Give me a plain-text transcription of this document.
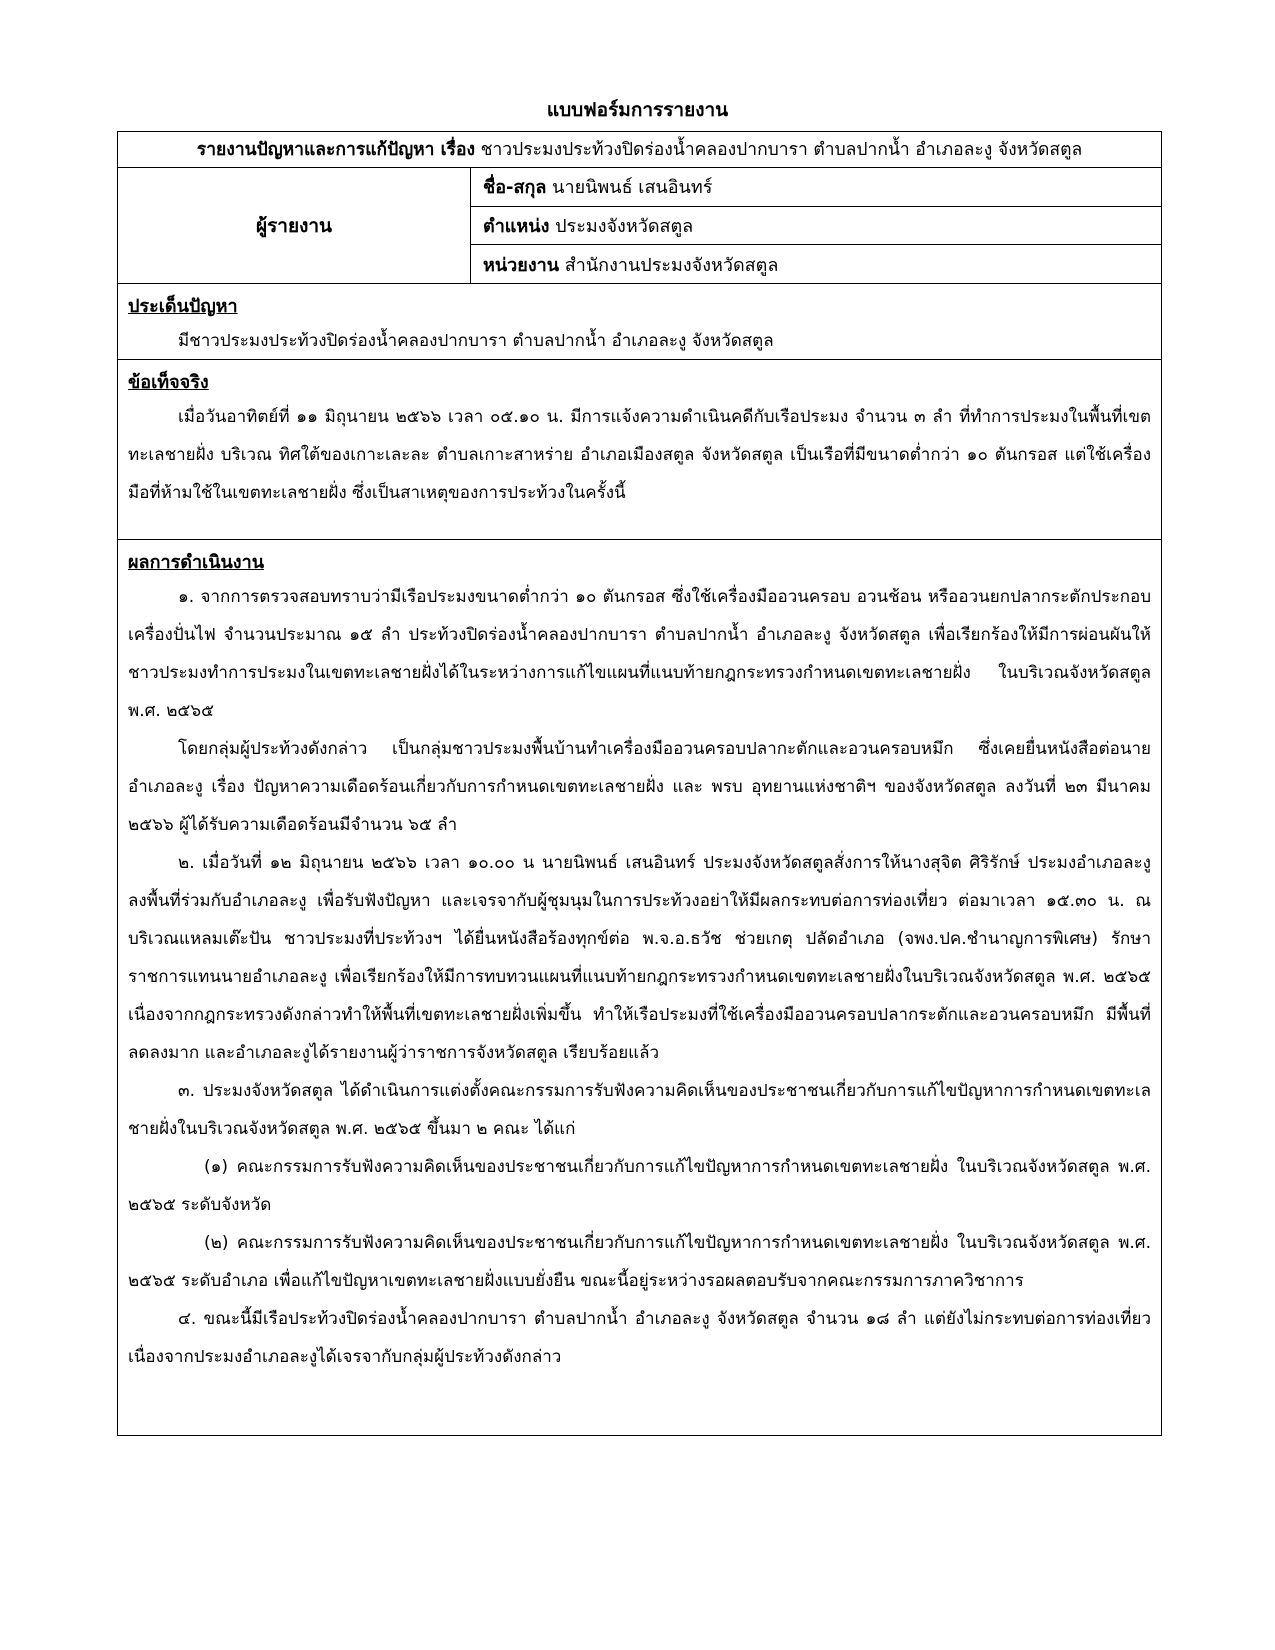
แบบฟอร์มการรายงาน
รายงานปัญหาและการแก้ปัญหา เรื่อง ชาวประมงประท้วงปิดร่องน้ำคลองปากบารา ตำบลปากน้ำ อำเภอละงู จังหวัดสตูล
ผู้รายงาน
ชื่อ-สกุล
นายนิพนธ์ เสนอินทร์
ตำแหน่ง
ประมงจังหวัดสตูล
หน่วยงาน
สำนักงานประมงจังหวัดสตูล
ประเด็นปัญหา

มีชาวประมงประท้วงปิดร่องน้ำคลองปากบารา ตำบลปากน้ำ อำเภอละงู จังหวัดสตูล

ข้อเท็จจริง

เมื่อวันอาทิตย์ที่ ๑๑ มิถุนายน ๒๕๖๖ เวลา ๐๕.๑๐ น. มีการแจ้งความดำเนินคดีกับเรือประมง จำนวน ๓ ลำ ที่ทำการประมงในพื้นที่เขตทะเลชายฝั่ง บริเวณ ทิศใต้ของเกาะเละละ ตำบลเกาะสาหร่าย อำเภอเมืองสตูล จังหวัดสตูล เป็นเรือที่มีขนาดต่ำกว่า ๑๐ ตันกรอส แต่ใช้เครื่องมือที่ห้ามใช้ในเขตทะเลชายฝั่ง ซึ่งเป็นสาเหตุของการประท้วงในครั้งนี้

ผลการดำเนินงาน

๑. จากการตรวจสอบทราบว่ามีเรือประมงขนาดต่ำกว่า ๑๐ ตันกรอส ซึ่งใช้เครื่องมืออวนครอบ อวนช้อน หรืออวนยกปลากระตักประกอบเครื่องปั่นไฟ จำนวนประมาณ ๑๕ ลำ ประท้วงปิดร่องน้ำคลองปากบารา ตำบลปากน้ำ อำเภอละงู จังหวัดสตูล เพื่อเรียกร้องให้มีการผ่อนผันให้ชาวประมงทำการประมงในเขตทะเลชายฝั่งได้ในระหว่างการแก้ไขแผนที่แนบท้ายกฎกระทรวงกำหนดเขตทะเลชายฝั่ง ในบริเวณจังหวัดสตูล พ.ศ. ๒๕๖๕

โดยกลุ่มผู้ประท้วงดังกล่าว เป็นกลุ่มชาวประมงพื้นบ้านทำเครื่องมืออวนครอบปลากะตักและอวนครอบหมึก ซึ่งเคยยื่นหนังสือต่อนายอำเภอละงู เรื่อง ปัญหาความเดือดร้อนเกี่ยวกับการกำหนดเขตทะเลชายฝั่ง และ พรบ อุทยานแห่งชาติฯ ของจังหวัดสตูล ลงวันที่ ๒๓ มีนาคม ๒๕๖๖ ผู้ได้รับความเดือดร้อนมีจำนวน ๖๕ ลำ

๒. เมื่อวันที่ ๑๒ มิถุนายน ๒๕๖๖ เวลา ๑๐.๐๐ น นายนิพนธ์ เสนอินทร์ ประมงจังหวัดสตูลสั่งการให้นางสุจิต ศิริรักษ์ ประมงอำเภอละงู ลงพื้นที่ร่วมกับอำเภอละงู เพื่อรับฟังปัญหา และเจรจากับผู้ชุมนุมในการประท้วงอย่าให้มีผลกระทบต่อการท่องเที่ยว ต่อมาเวลา ๑๕.๓๐ น. ณ บริเวณแหลมเต๊ะปัน ชาวประมงที่ประท้วงฯ ได้ยื่นหนังสือร้องทุกข์ต่อ พ.จ.อ.ธวัช ช่วยเกตุ ปลัดอำเภอ (จพง.ปค.ชำนาญการพิเศษ) รักษาราชการแทนนายอำเภอละงู เพื่อเรียกร้องให้มีการทบทวนแผนที่แนบท้ายกฎกระทรวงกำหนดเขตทะเลชายฝั่งในบริเวณจังหวัดสตูล พ.ศ. ๒๕๖๕ เนื่องจากกฎกระทรวงดังกล่าวทำให้พื้นที่เขตทะเลชายฝั่งเพิ่มขึ้น ทำให้เรือประมงที่ใช้เครื่องมืออวนครอบปลากระตักและอวนครอบหมึก มีพื้นที่ลดลงมาก และอำเภอละงูได้รายงานผู้ว่าราชการจังหวัดสตูล เรียบร้อยแล้ว

๓. ประมงจังหวัดสตูล ได้ดำเนินการแต่งตั้งคณะกรรมการรับฟังความคิดเห็นของประชาชนเกี่ยวกับการแก้ไขปัญหาการกำหนดเขตทะเลชายฝั่งในบริเวณจังหวัดสตูล พ.ศ. ๒๕๖๕ ขึ้นมา ๒ คณะ ได้แก่

(๑) คณะกรรมการรับฟังความคิดเห็นของประชาชนเกี่ยวกับการแก้ไขปัญหาการกำหนดเขตทะเลชายฝั่ง ในบริเวณจังหวัดสตูล พ.ศ. ๒๕๖๕ ระดับจังหวัด

(๒) คณะกรรมการรับฟังความคิดเห็นของประชาชนเกี่ยวกับการแก้ไขปัญหาการกำหนดเขตทะเลชายฝั่ง ในบริเวณจังหวัดสตูล พ.ศ. ๒๕๖๕ ระดับอำเภอ เพื่อแก้ไขปัญหาเขตทะเลชายฝั่งแบบยั่งยืน ขณะนี้อยู่ระหว่างรอผลตอบรับจากคณะกรรมการภาควิชาการ

๔. ขณะนี้มีเรือประท้วงปิดร่องน้ำคลองปากบารา ตำบลปากน้ำ อำเภอละงู จังหวัดสตูล จำนวน ๑๘ ลำ แต่ยังไม่กระทบต่อการท่องเที่ยว เนื่องจากประมงอำเภอละงูได้เจรจากับกลุ่มผู้ประท้วงดังกล่าว
